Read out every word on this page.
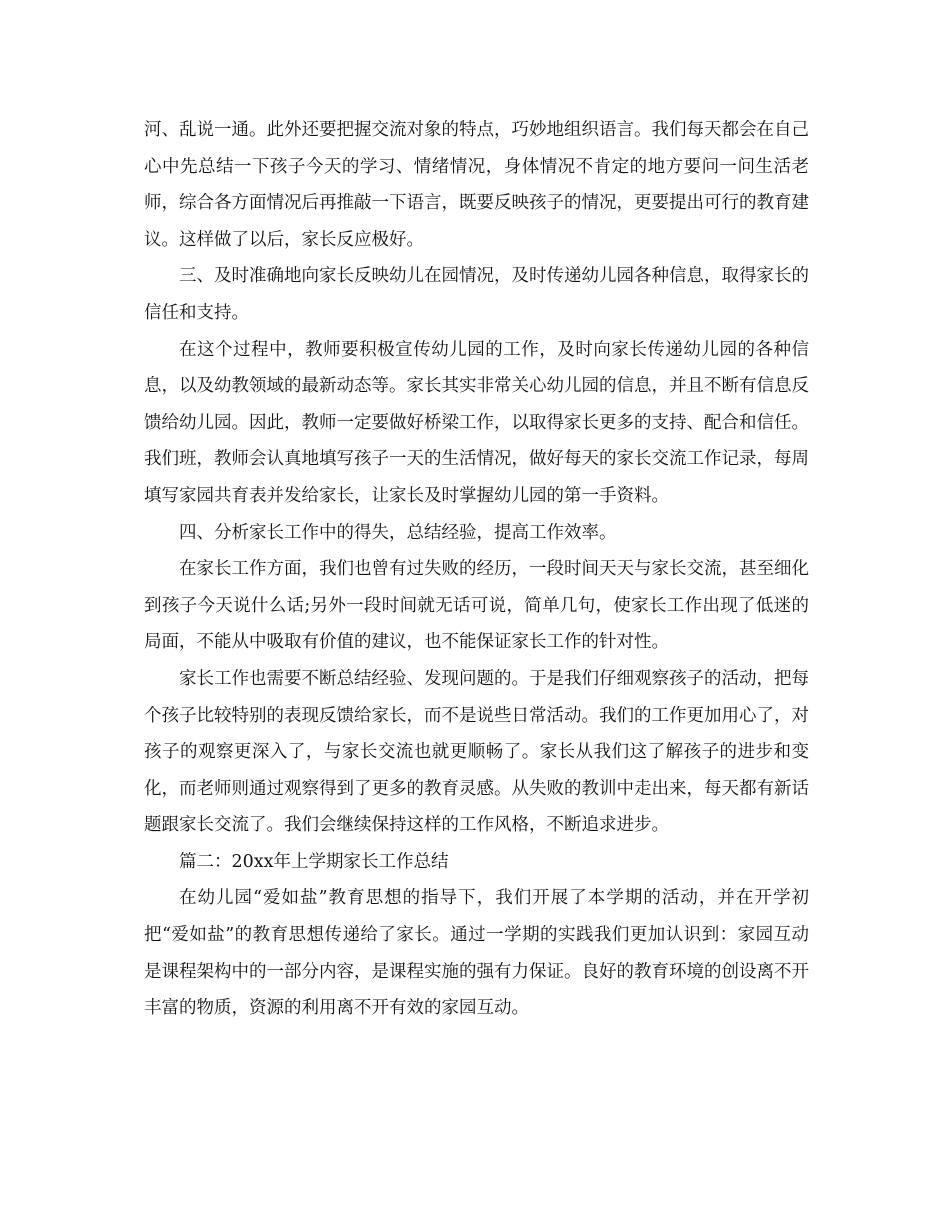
河、乱说一通。此外还要把握交流对象的特点，巧妙地组织语言。我们每天都会在自己心中先总结一下孩子今天的学习、情绪情况，身体情况不肯定的地方要问一问生活老师，综合各方面情况后再推敲一下语言，既要反映孩子的情况，更要提出可行的教育建议。这样做了以后，家长反应极好。

三、及时准确地向家长反映幼儿在园情况，及时传递幼儿园各种信息，取得家长的信任和支持。

在这个过程中，教师要积极宣传幼儿园的工作，及时向家长传递幼儿园的各种信息，以及幼教领域的最新动态等。家长其实非常关心幼儿园的信息，并且不断有信息反馈给幼儿园。因此，教师一定要做好桥梁工作，以取得家长更多的支持、配合和信任。我们班，教师会认真地填写孩子一天的生活情况，做好每天的家长交流工作记录，每周填写家园共育表并发给家长，让家长及时掌握幼儿园的第一手资料。

四、分析家长工作中的得失，总结经验，提高工作效率。

在家长工作方面，我们也曾有过失败的经历，一段时间天天与家长交流，甚至细化到孩子今天说什么话;另外一段时间就无话可说，简单几句，使家长工作出现了低迷的局面，不能从中吸取有价值的建议，也不能保证家长工作的针对性。

家长工作也需要不断总结经验、发现问题的。于是我们仔细观察孩子的活动，把每个孩子比较特别的表现反馈给家长，而不是说些日常活动。我们的工作更加用心了，对孩子的观察更深入了，与家长交流也就更顺畅了。家长从我们这了解孩子的进步和变化，而老师则通过观察得到了更多的教育灵感。从失败的教训中走出来，每天都有新话题跟家长交流了。我们会继续保持这样的工作风格，不断追求进步。

篇二：20xx年上学期家长工作总结

在幼儿园“爱如盐”教育思想的指导下，我们开展了本学期的活动，并在开学初把“爱如盐”的教育思想传递给了家长。通过一学期的实践我们更加认识到：家园互动是课程架构中的一部分内容，是课程实施的强有力保证。良好的教育环境的创设离不开丰富的物质，资源的利用离不开有效的家园互动。
